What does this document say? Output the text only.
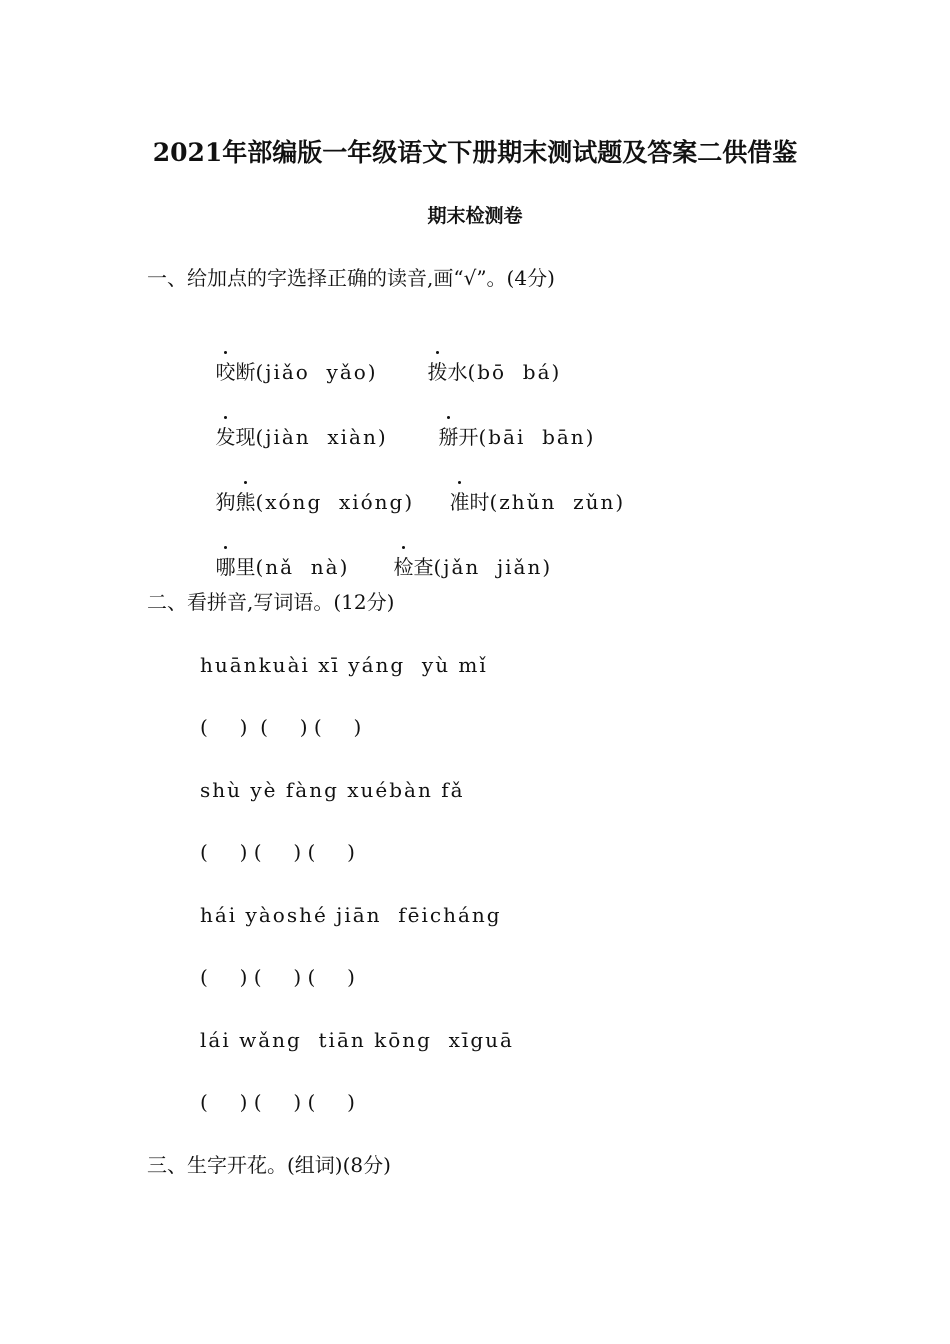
2021年部编版一年级语文下册期末测试题及答案二供借鉴
期末检测卷
一、给加点的字选择正确的读音,画“√”。(4分)

咬断(jiǎo  yǎo)
	拨水(bō  bá)

发现(jiàn  xiàn)
	掰开(bāi  bān)

狗熊(xóng  xióng)
	准时(zhǔn  zǔn)

哪里(nǎ  nà)
	检查(jǎn  jiǎn)

二、看拼音,写词语。(12分)
huānkuài xī yáng  yù mǐ
(     )  (     ) (     )
shù yè fàng xuébàn fǎ
(     ) (     ) (     )
hái yàoshé jiān  fēicháng
(     ) (     ) (     )
lái wǎng  tiān kōng  xīguā
(     ) (     ) (     )
三、生字开花。(组词)(8分)
